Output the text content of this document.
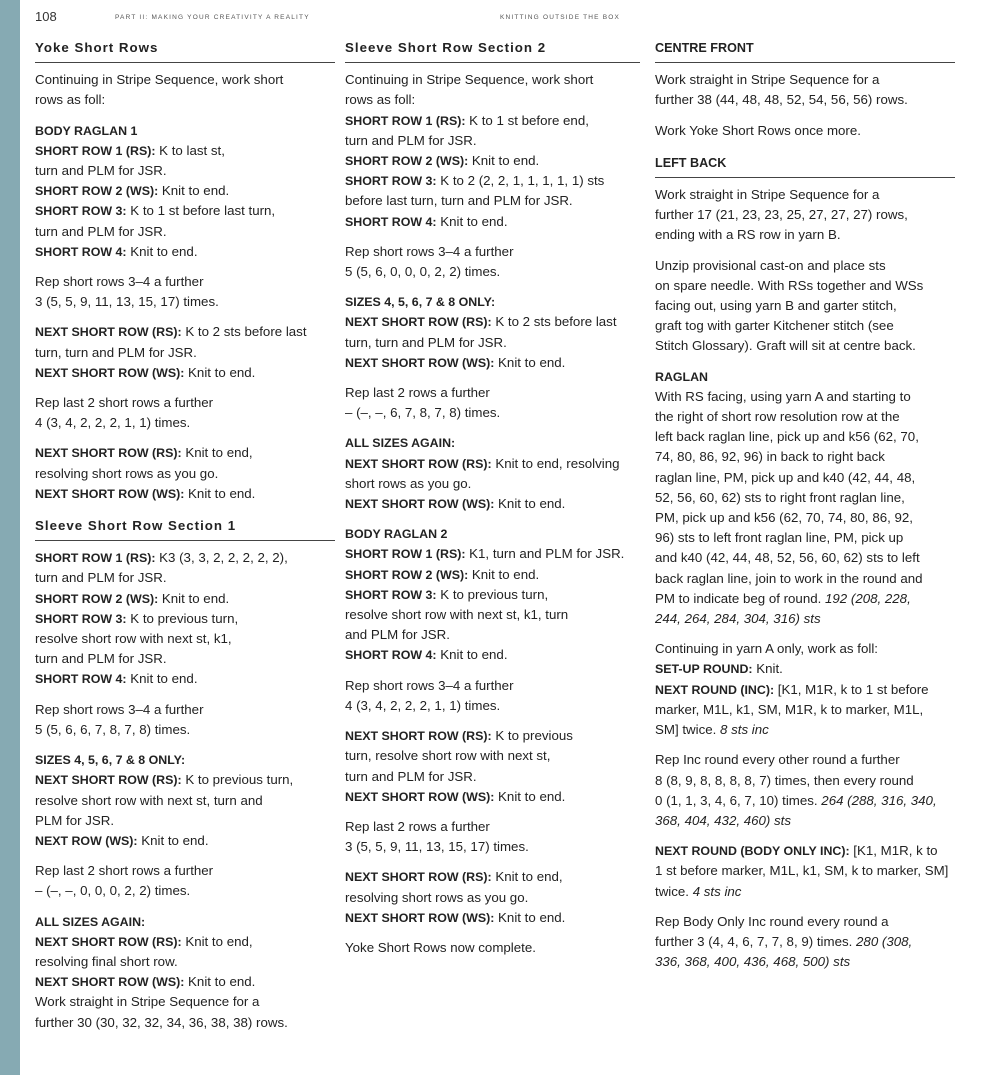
108	PART II: MAKING YOUR CREATIVITY A REALITY	KNITTING OUTSIDE THE BOX
Yoke Short Rows
Continuing in Stripe Sequence, work short
rows as foll:
BODY RAGLAN 1
SHORT ROW 1 (RS): K to last st,
turn and PLM for JSR.
SHORT ROW 2 (WS): Knit to end.
SHORT ROW 3: K to 1 st before last turn,
turn and PLM for JSR.
SHORT ROW 4: Knit to end.
Rep short rows 3–4 a further
3 (5, 5, 9, 11, 13, 15, 17) times.
NEXT SHORT ROW (RS): K to 2 sts before last
turn, turn and PLM for JSR.
NEXT SHORT ROW (WS): Knit to end.
Rep last 2 short rows a further
4 (3, 4, 2, 2, 2, 1, 1) times.
NEXT SHORT ROW (RS): Knit to end,
resolving short rows as you go.
NEXT SHORT ROW (WS): Knit to end.
Sleeve Short Row Section 1
SHORT ROW 1 (RS): K3 (3, 3, 2, 2, 2, 2, 2),
turn and PLM for JSR.
SHORT ROW 2 (WS): Knit to end.
SHORT ROW 3: K to previous turn,
resolve short row with next st, k1,
turn and PLM for JSR.
SHORT ROW 4: Knit to end.
Rep short rows 3–4 a further
5 (5, 6, 6, 7, 8, 7, 8) times.
SIZES 4, 5, 6, 7 & 8 ONLY:
NEXT SHORT ROW (RS): K to previous turn,
resolve short row with next st, turn and
PLM for JSR.
NEXT ROW (WS): Knit to end.
Rep last 2 short rows a further
– (–, –, 0, 0, 0, 2, 2) times.
ALL SIZES AGAIN:
NEXT SHORT ROW (RS): Knit to end,
resolving final short row.
NEXT SHORT ROW (WS): Knit to end.
Work straight in Stripe Sequence for a
further 30 (30, 32, 32, 34, 36, 38, 38) rows.
Sleeve Short Row Section 2
Continuing in Stripe Sequence, work short
rows as foll:
SHORT ROW 1 (RS): K to 1 st before end,
turn and PLM for JSR.
SHORT ROW 2 (WS): Knit to end.
SHORT ROW 3: K to 2 (2, 2, 1, 1, 1, 1, 1) sts
before last turn, turn and PLM for JSR.
SHORT ROW 4: Knit to end.
Rep short rows 3–4 a further
5 (5, 6, 0, 0, 0, 2, 2) times.
SIZES 4, 5, 6, 7 & 8 ONLY:
NEXT SHORT ROW (RS): K to 2 sts before last
turn, turn and PLM for JSR.
NEXT SHORT ROW (WS): Knit to end.
Rep last 2 rows a further
– (–, –, 6, 7, 8, 7, 8) times.
ALL SIZES AGAIN:
NEXT SHORT ROW (RS): Knit to end, resolving
short rows as you go.
NEXT SHORT ROW (WS): Knit to end.
BODY RAGLAN 2
SHORT ROW 1 (RS): K1, turn and PLM for JSR.
SHORT ROW 2 (WS): Knit to end.
SHORT ROW 3: K to previous turn,
resolve short row with next st, k1, turn
and PLM for JSR.
SHORT ROW 4: Knit to end.
Rep short rows 3–4 a further
4 (3, 4, 2, 2, 2, 1, 1) times.
NEXT SHORT ROW (RS): K to previous
turn, resolve short row with next st,
turn and PLM for JSR.
NEXT SHORT ROW (WS): Knit to end.
Rep last 2 rows a further
3 (5, 5, 9, 11, 13, 15, 17) times.
NEXT SHORT ROW (RS): Knit to end,
resolving short rows as you go.
NEXT SHORT ROW (WS): Knit to end.
Yoke Short Rows now complete.
CENTRE FRONT
Work straight in Stripe Sequence for a
further 38 (44, 48, 48, 52, 54, 56, 56) rows.
Work Yoke Short Rows once more.
LEFT BACK
Work straight in Stripe Sequence for a
further 17 (21, 23, 23, 25, 27, 27, 27) rows,
ending with a RS row in yarn B.
Unzip provisional cast-on and place sts
on spare needle. With RSs together and WSs
facing out, using yarn B and garter stitch,
graft tog with garter Kitchener stitch (see
Stitch Glossary). Graft will sit at centre back.
RAGLAN
With RS facing, using yarn A and starting to
the right of short row resolution row at the
left back raglan line, pick up and k56 (62, 70,
74, 80, 86, 92, 96) in back to right back
raglan line, PM, pick up and k40 (42, 44, 48,
52, 56, 60, 62) sts to right front raglan line,
PM, pick up and k56 (62, 70, 74, 80, 86, 92,
96) sts to left front raglan line, PM, pick up
and k40 (42, 44, 48, 52, 56, 60, 62) sts to left
back raglan line, join to work in the round and
PM to indicate beg of round. 192 (208, 228,
244, 264, 284, 304, 316) sts
Continuing in yarn A only, work as foll:
SET-UP ROUND: Knit.
NEXT ROUND (INC): [K1, M1R, k to 1 st before
marker, M1L, k1, SM, M1R, k to marker, M1L,
SM] twice. 8 sts inc
Rep Inc round every other round a further
8 (8, 9, 8, 8, 8, 8, 7) times, then every round
0 (1, 1, 3, 4, 6, 7, 10) times. 264 (288, 316, 340,
368, 404, 432, 460) sts
NEXT ROUND (BODY ONLY INC): [K1, M1R, k to
1 st before marker, M1L, k1, SM, k to marker, SM]
twice. 4 sts inc
Rep Body Only Inc round every round a
further 3 (4, 4, 6, 7, 7, 8, 9) times. 280 (308,
336, 368, 400, 436, 468, 500) sts
